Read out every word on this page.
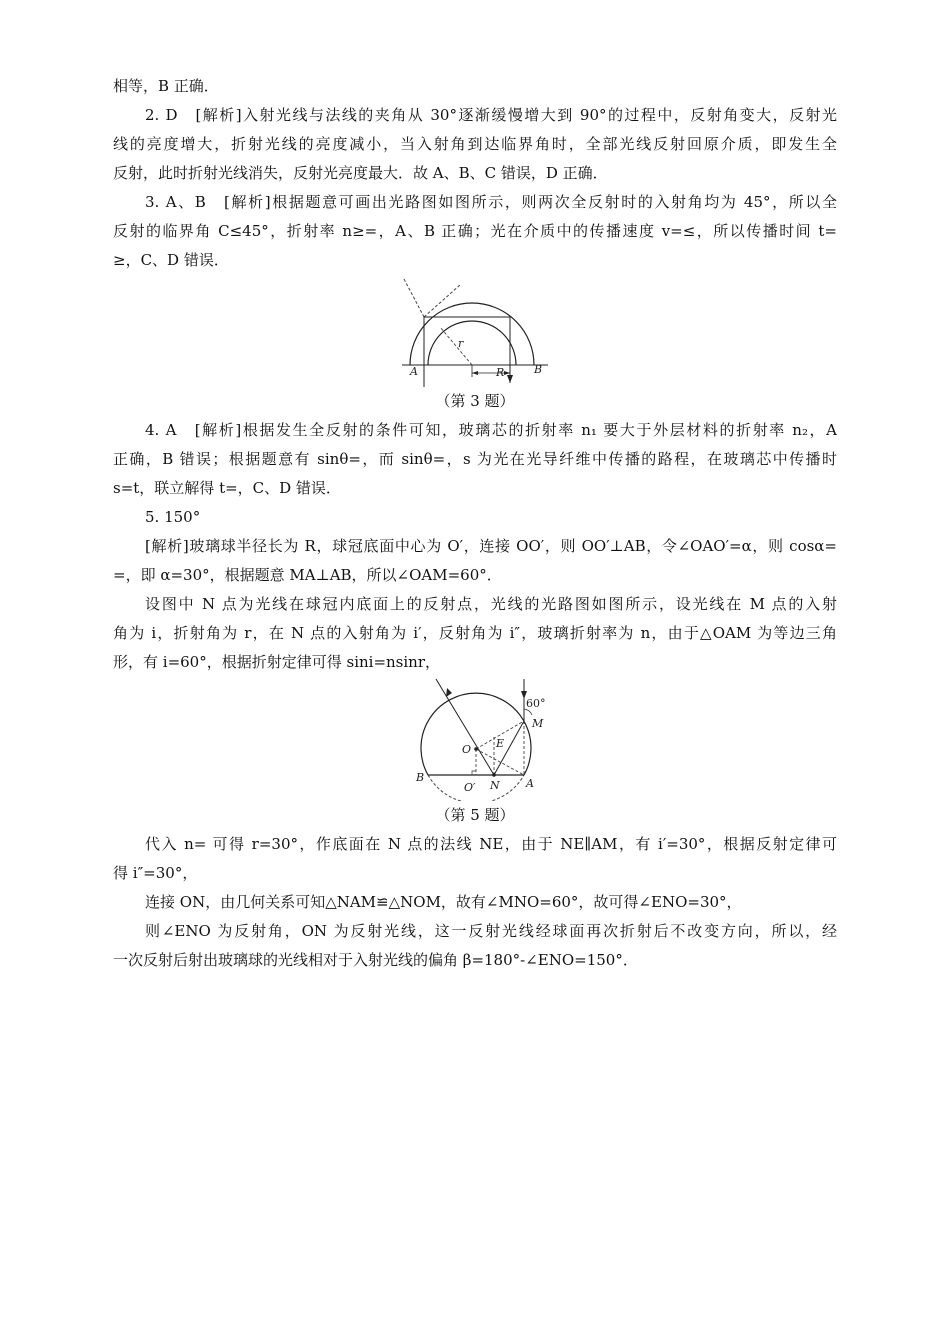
相等，B 正确．
2. D　[解析]入射光线与法线的夹角从 30°逐渐缓慢增大到 90°的过程中，反射角变大，反射光
线的亮度增大，折射光线的亮度减小，当入射角到达临界角时，全部光线反射回原介质，即发生全
反射，此时折射光线消失，反射光亮度最大．故 A、B、C 错误，D 正确．
3. A、B　[解析]根据题意可画出光路图如图所示，则两次全反射时的入射角均为 45°，所以全
反射的临界角 C≤45°，折射率 n≥=，A、B 正确；光在介质中的传播速度 v=≤，所以传播时间 t=
≥，C、D 错误．
A	B
R
r
（第 3 题）
4. A　[解析]根据发生全反射的条件可知，玻璃芯的折射率 n₁ 要大于外层材料的折射率 n₂，A
正确，B 错误；根据题意有 sinθ=，而 sinθ=，s 为光在光导纤维中传播的路程，在玻璃芯中传播时
s=t，联立解得 t=，C、D 错误．
5. 150°
[解析]玻璃球半径长为 R，球冠底面中心为 O′，连接 OO′，则 OO′⊥AB，令∠OAO′=α，则 cosα=
=，即 α=30°，根据题意 MA⊥AB，所以∠OAM=60°．
设图中 N 点为光线在球冠内底面上的反射点，光线的光路图如图所示，设光线在 M 点的入射
角为 i，折射角为 r，在 N 点的入射角为 i′，反射角为 i″，玻璃折射率为 n，由于△OAM 为等边三角
形，有 i=60°，根据折射定律可得 sini=nsinr，
60°
M
O E
B
O′ N A
（第 5 题）
代入 n= 可得 r=30°，作底面在 N 点的法线 NE，由于 NE∥AM，有 i′=30°，根据反射定律可
得 i″=30°，
连接 ON，由几何关系可知△NAM≌△NOM，故有∠MNO=60°，故可得∠ENO=30°，
则∠ENO 为反射角，ON 为反射光线，这一反射光线经球面再次折射后不改变方向，所以，经
一次反射后射出玻璃球的光线相对于入射光线的偏角 β=180°-∠ENO=150°．
